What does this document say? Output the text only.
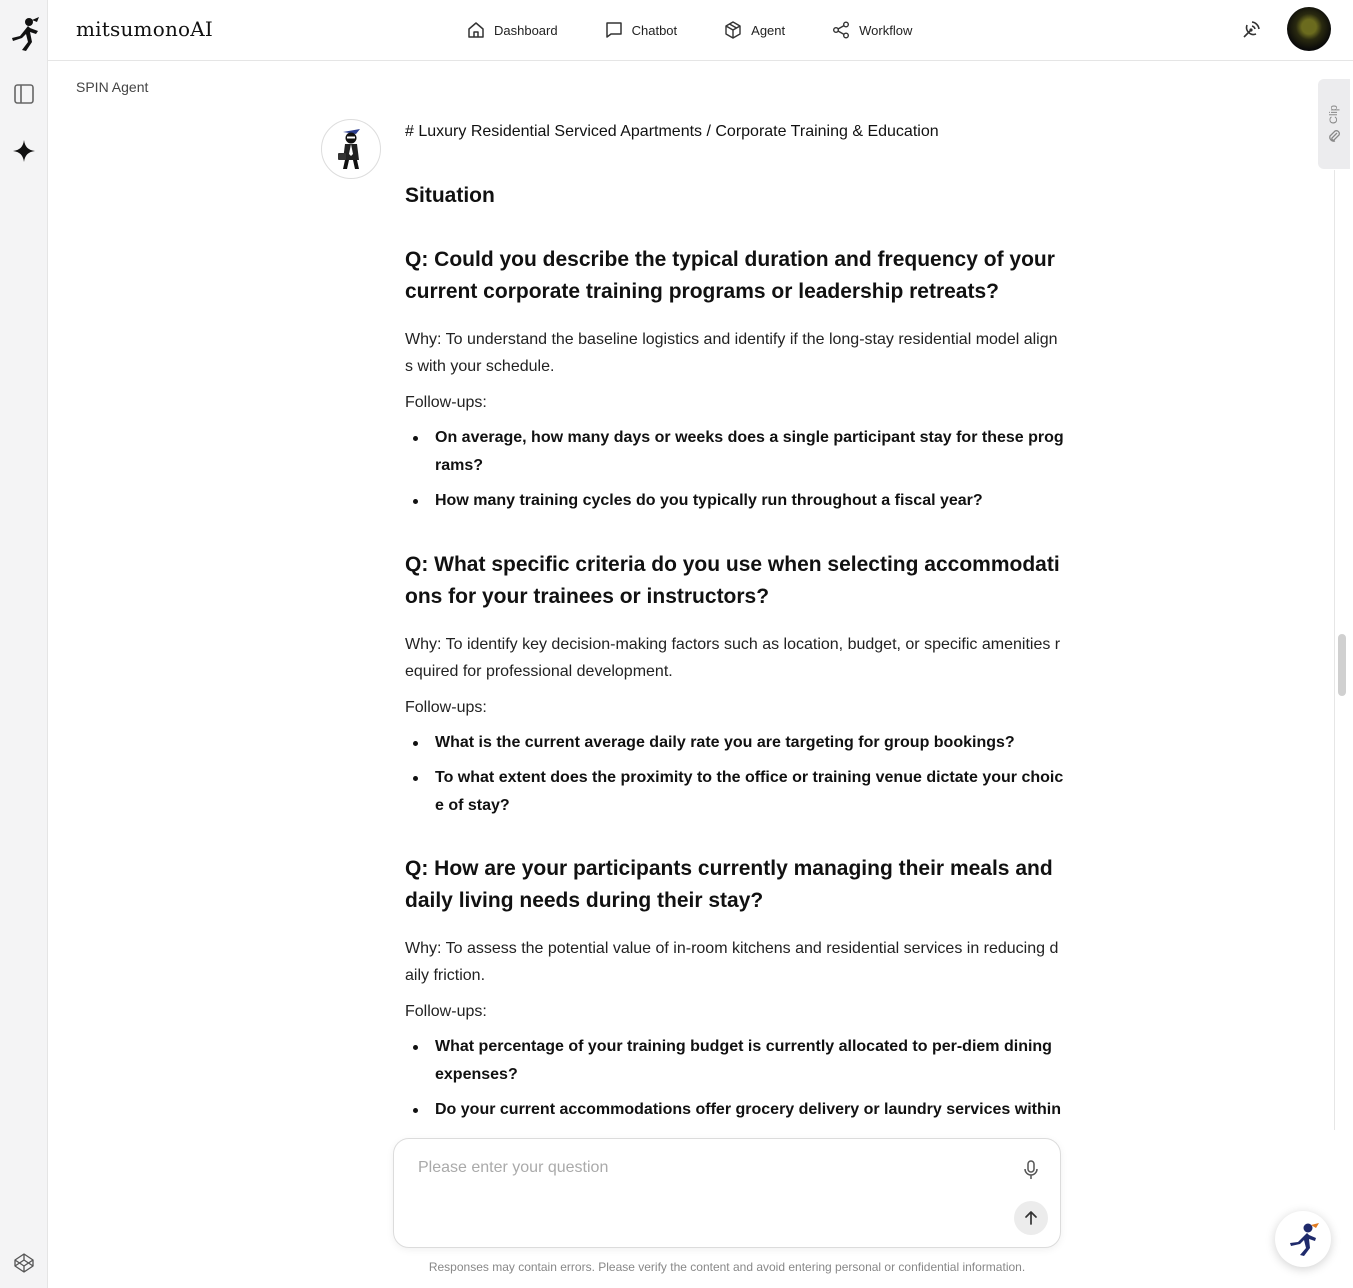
mitsumonoAI	Dashboard	Chatbot	Agent	Workflow
SPIN Agent
Clip
# Luxury Residential Serviced Apartments / Corporate Training & Education
Situation
Q: Could you describe the typical duration and frequency of your current corporate training programs or leadership retreats?

Why: To understand the baseline logistics and identify if the long-stay residential model aligns with your schedule.

Follow-ups:

On average, how many days or weeks does a single participant stay for these programs?
How many training cycles do you typically run throughout a fiscal year?
Q: What specific criteria do you use when selecting accommodations for your trainees or instructors?

Why: To identify key decision-making factors such as location, budget, or specific amenities required for professional development.

Follow-ups:

What is the current average daily rate you are targeting for group bookings?
To what extent does the proximity to the office or training venue dictate your choice of stay?
Q: How are your participants currently managing their meals and daily living needs during their stay?

Why: To assess the potential value of in-room kitchens and residential services in reducing daily friction.

Follow-ups:

What percentage of your training budget is currently allocated to per-diem dining expenses?
Do your current accommodations offer grocery delivery or laundry services within
Please enter your question
Responses may contain errors. Please verify the content and avoid entering personal or confidential information.
